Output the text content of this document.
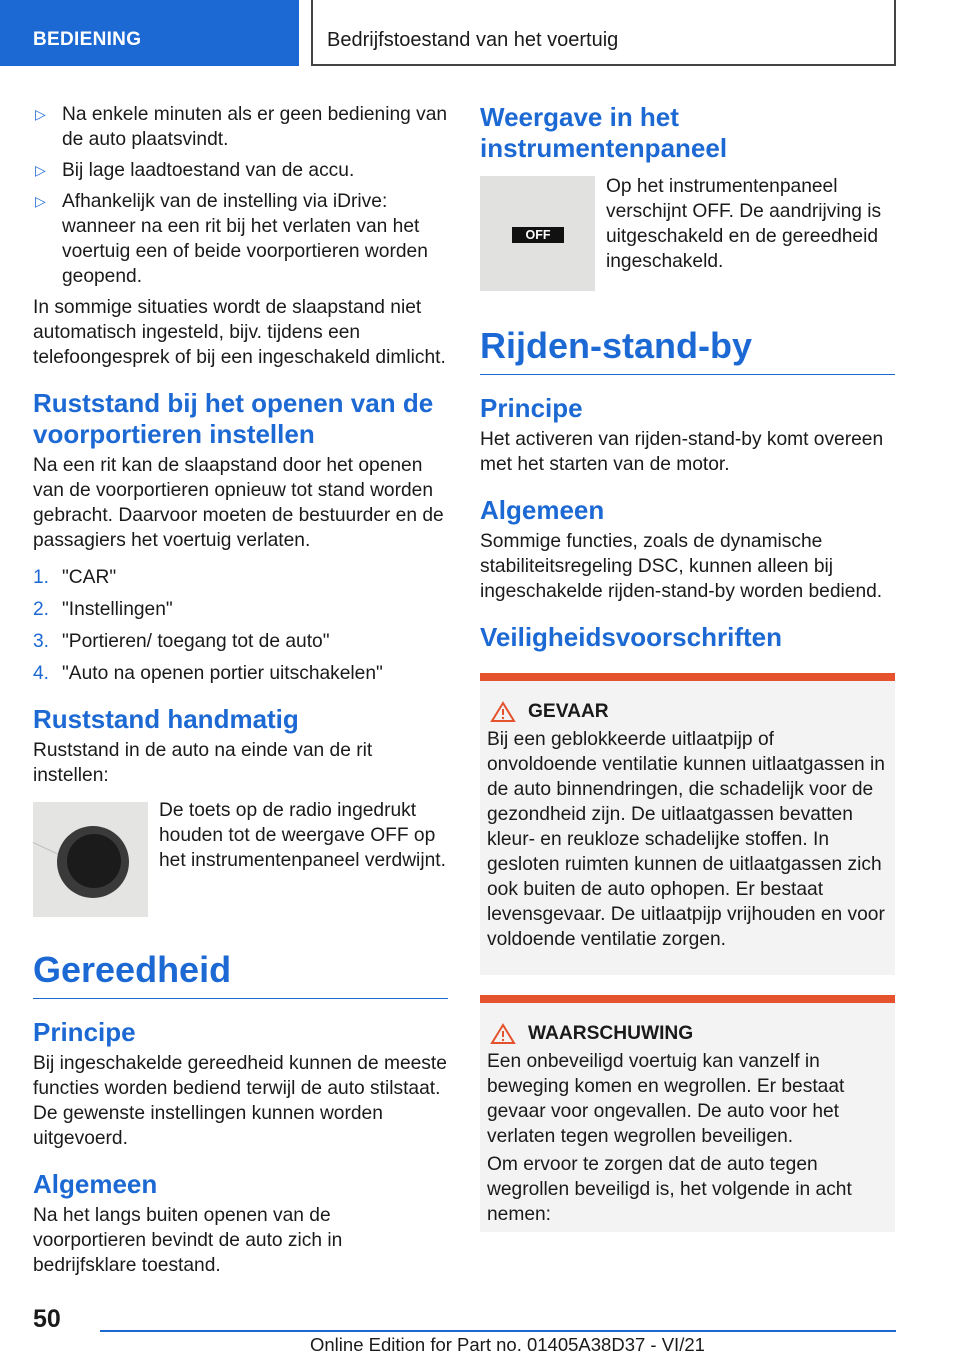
BEDIENING	Bedrijfstoestand van het voertuig
▷ Na enkele minuten als er geen bediening van de auto plaatsvindt.
▷ Bij lage laadtoestand van de accu.
▷ Afhankelijk van de instelling via iDrive: wanneer na een rit bij het verlaten van het voertuig een of beide voorportieren worden geopend.

In sommige situaties wordt de slaapstand niet automatisch ingesteld, bijv. tijdens een telefoongesprek of bij een ingeschakeld dimlicht.

Ruststand bij het openen van de voorportieren instellen

Na een rit kan de slaapstand door het openen van de voorportieren opnieuw tot stand worden gebracht. Daarvoor moeten de bestuurder en de passagiers het voertuig verlaten.

1. "CAR"
2. "Instellingen"
3. "Portieren/ toegang tot de auto"
4. "Auto na openen portier uitschakelen"
Ruststand handmatig

Ruststand in de auto na einde van de rit instellen:

De toets op de radio ingedrukt houden tot de weergave OFF op het instrumentenpaneel verdwijnt.

Gereedheid
Principe

Bij ingeschakelde gereedheid kunnen de meeste functies worden bediend terwijl de auto stilstaat. De gewenste instellingen kunnen worden uitgevoerd.

Algemeen

Na het langs buiten openen van de voorportieren bevindt de auto zich in bedrijfsklare toestand.

Weergave in het instrumentenpaneel
OFF

Op het instrumentenpaneel verschijnt OFF. De aandrijving is uitgeschakeld en de gereedheid ingeschakeld.

Rijden-stand-by
Principe

Het activeren van rijden-stand-by komt overeen met het starten van de motor.

Algemeen

Sommige functies, zoals de dynamische stabiliteitsregeling DSC, kunnen alleen bij ingeschakelde rijden-stand-by worden bediend.

Veiligheidsvoorschriften
GEVAAR

Bij een geblokkeerde uitlaatpijp of onvoldoende ventilatie kunnen uitlaatgassen in de auto binnendringen, die schadelijk voor de gezondheid zijn. De uitlaatgassen bevatten kleur- en reukloze schadelijke stoffen. In gesloten ruimten kunnen de uitlaatgassen zich ook buiten de auto ophopen. Er bestaat levensgevaar. De uitlaatpijp vrijhouden en voor voldoende ventilatie zorgen.

WAARSCHUWING

Een onbeveiligd voertuig kan vanzelf in beweging komen en wegrollen. Er bestaat gevaar voor ongevallen. De auto voor het verlaten tegen wegrollen beveiligen.

Om ervoor te zorgen dat de auto tegen wegrollen beveiligd is, het volgende in acht nemen:

50
Online Edition for Part no. 01405A38D37 - VI/21
